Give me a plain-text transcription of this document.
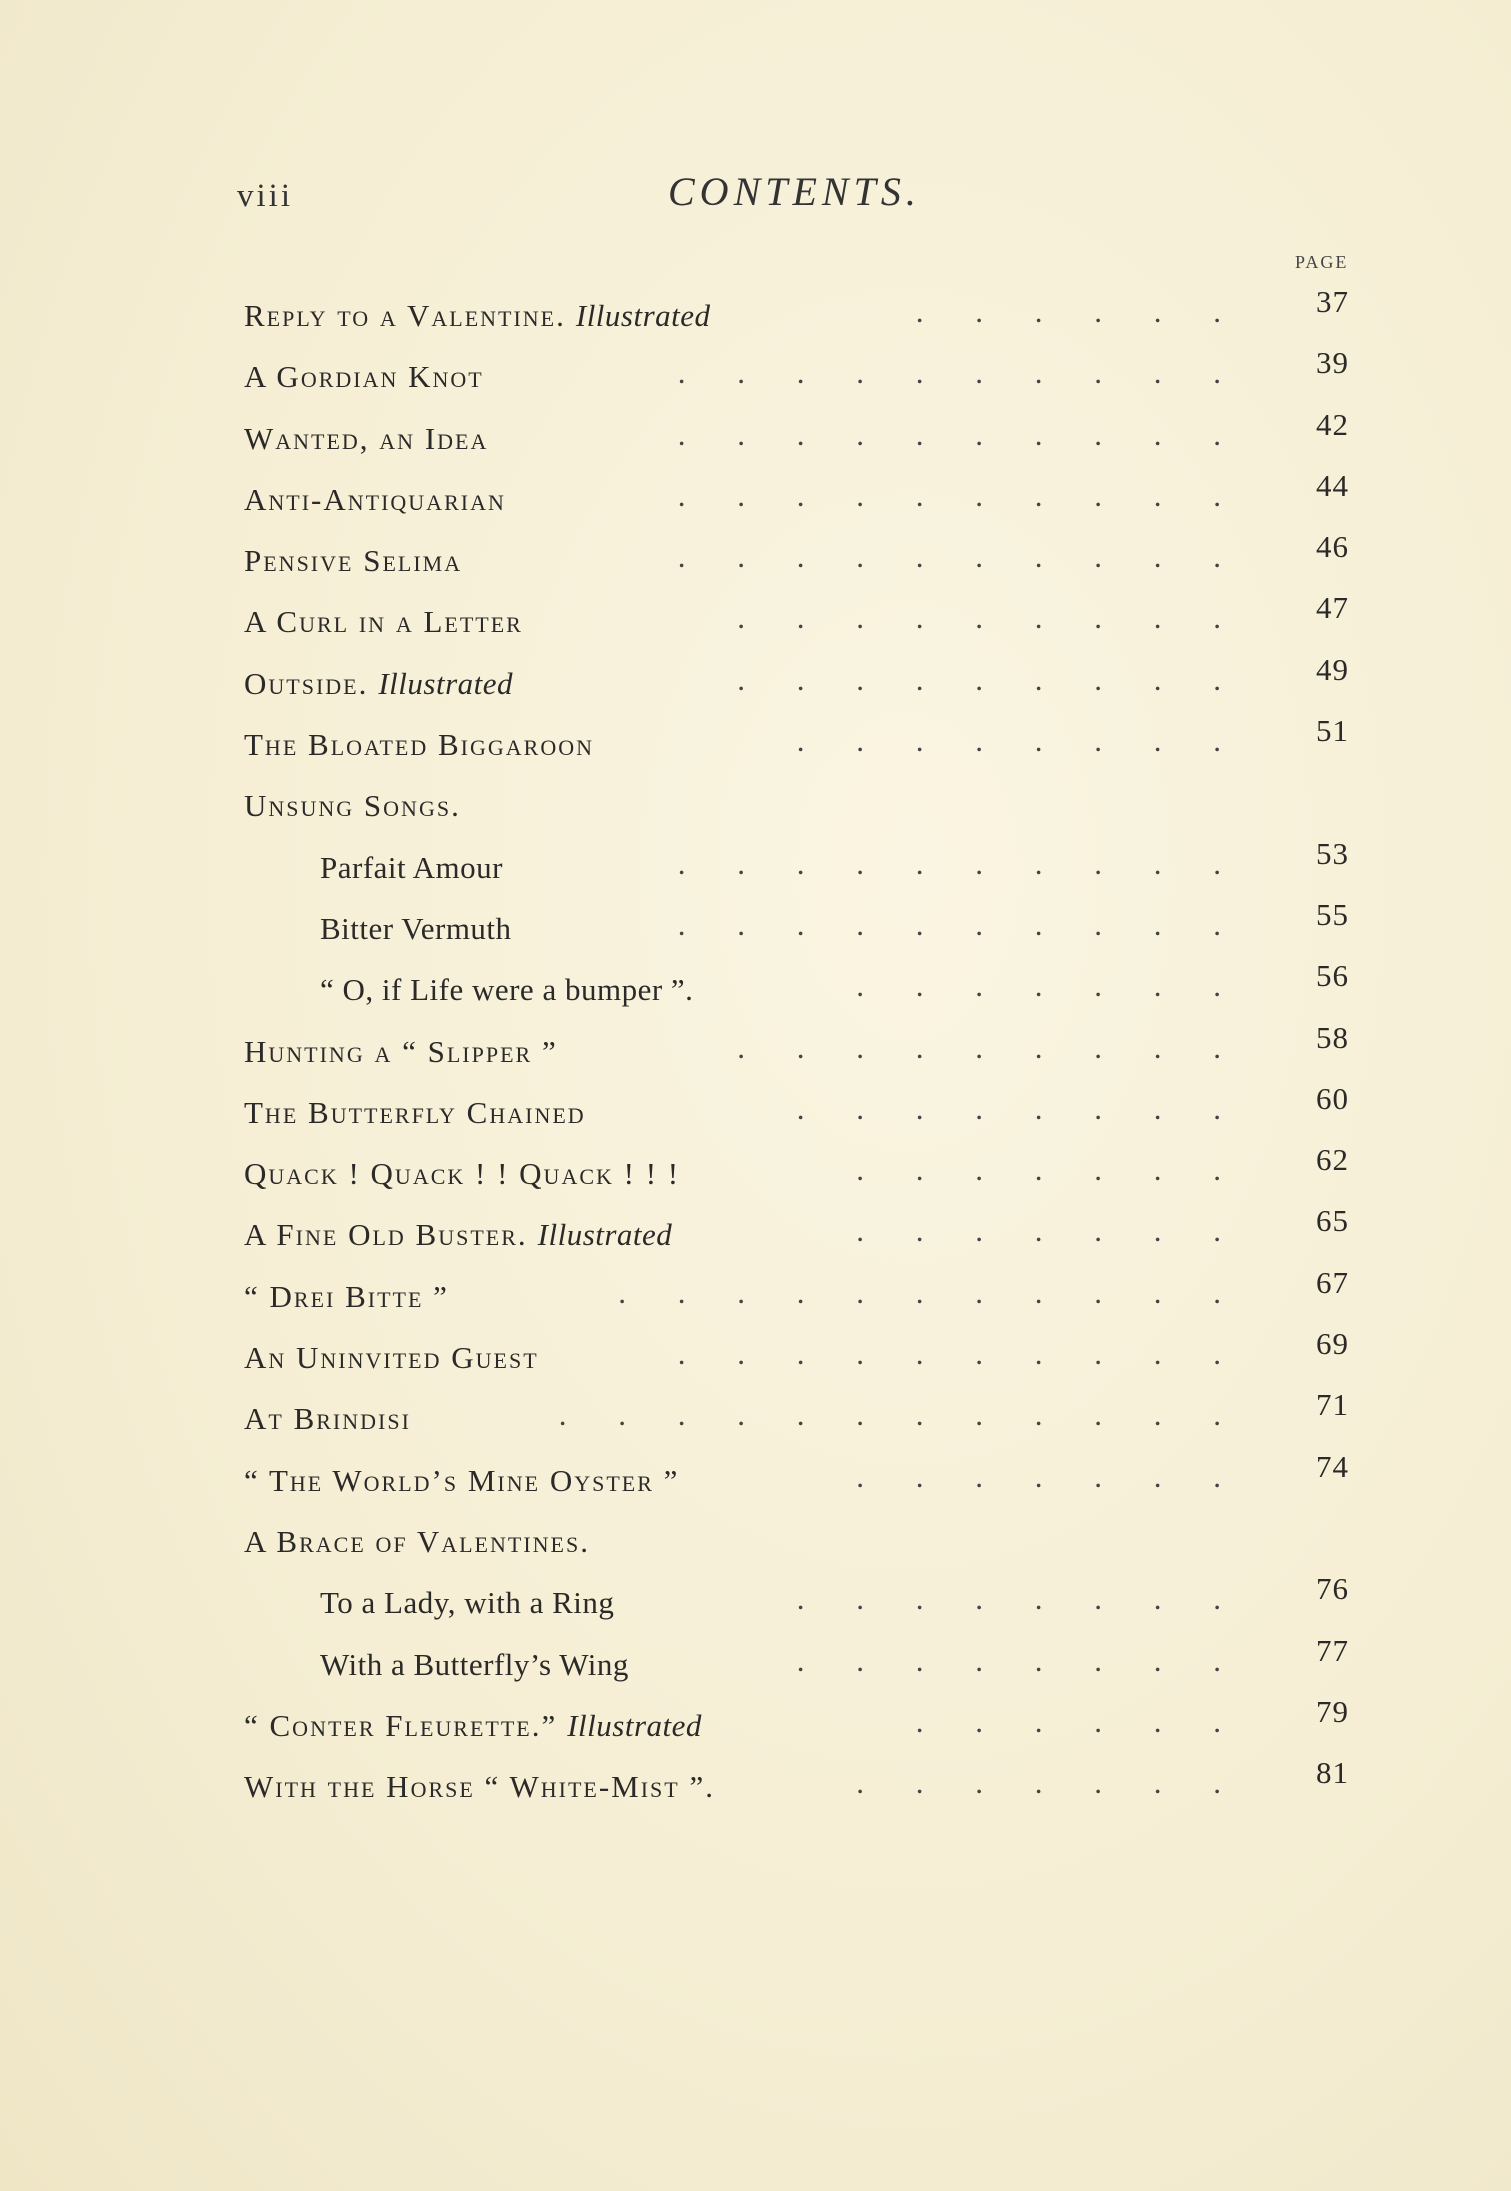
viii	CONTENTS.
PAGE
Reply to a Valentine. Illustrated	. . . . . . 37
A Gordian Knot	. . . . . . . . . . 39
Wanted, an Idea	. . . . . . . . . . 42
Anti-Antiquarian	. . . . . . . . . . 44
Pensive Selima	. . . . . . . . . . 46
A Curl in a Letter	. . . . . . . . . 47
Outside. Illustrated	. . . . . . . . . 49
The Bloated Biggaroon	. . . . . . . . 51
Unsung Songs.
Parfait Amour	. . . . . . . . . . 53
Bitter Vermuth	. . . . . . . . . . 55
“ O, if Life were a bumper ”.	. . . . . . . 56
Hunting a “ Slipper ”	. . . . . . . . . 58
The Butterfly Chained	. . . . . . . . 60
Quack ! Quack ! ! Quack ! ! !	. . . . . . . 62
A Fine Old Buster. Illustrated	. . . . . . . 65
“ Drei Bitte ”	. . . . . . . . . . . 67
An Uninvited Guest	. . . . . . . . . . 69
At Brindisi	. . . . . . . . . . . . 71
“ The World’s Mine Oyster ”	. . . . . . . 74
A Brace of Valentines.
To a Lady, with a Ring	. . . . . . . . 76
With a Butterfly’s Wing	. . . . . . . . 77
“ Conter Fleurette.” Illustrated	. . . . . . 79
With the Horse “ White-Mist ”.	. . . . . . . 81
